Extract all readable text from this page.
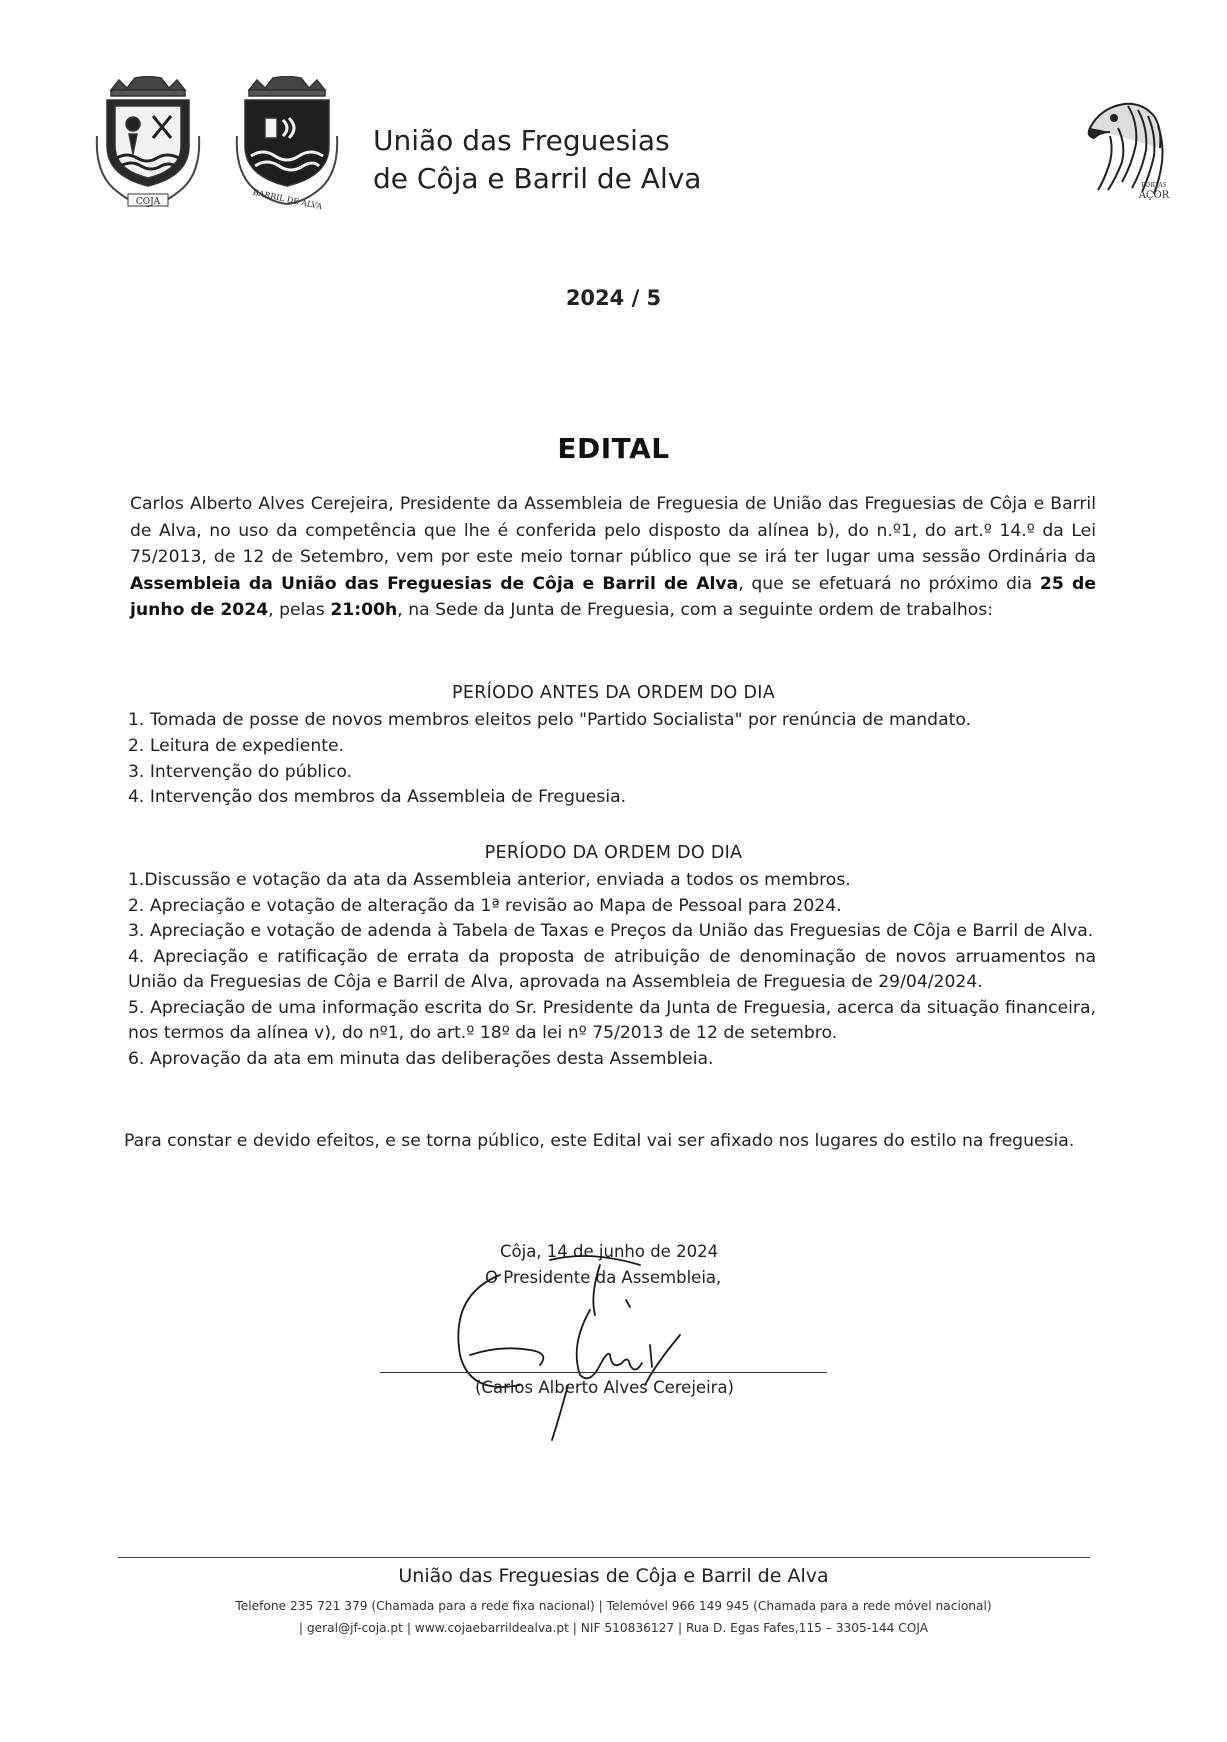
COJA	BARRIL DE ALVA
União das Freguesias
de Côja e Barril de Alva	PORTAS
AÇOR
2024 / 5
EDITAL

Carlos Alberto Alves Cerejeira, Presidente da Assembleia de Freguesia de União das Freguesias de Côja e Barril de Alva, no uso da competência que lhe é conferida pelo disposto da alínea b), do n.º1, do art.º 14.º da Lei 75/2013, de 12 de Setembro, vem por este meio tornar público que se irá ter lugar uma sessão Ordinária da Assembleia da União das Freguesias de Côja e Barril de Alva, que se efetuará no próximo dia 25 de junho de 2024, pelas 21:00h, na Sede da Junta de Freguesia, com a seguinte ordem de trabalhos:

PERÍODO ANTES DA ORDEM DO DIA
1. Tomada de posse de novos membros eleitos pelo "Partido Socialista" por renúncia de mandato.
2. Leitura de expediente.
3. Intervenção do público.
4. Intervenção dos membros da Assembleia de Freguesia.
PERÍODO DA ORDEM DO DIA
1.Discussão e votação da ata da Assembleia anterior, enviada a todos os membros.
2. Apreciação e votação de alteração da 1ª revisão ao Mapa de Pessoal para 2024.
3. Apreciação e votação de adenda à Tabela de Taxas e Preços da União das Freguesias de Côja e Barril de Alva.
4. Apreciação e ratificação de errata da proposta de atribuição de denominação de novos arruamentos na União da Freguesias de Côja e Barril de Alva, aprovada na Assembleia de Freguesia de 29/04/2024.
5. Apreciação de uma informação escrita do Sr. Presidente da Junta de Freguesia, acerca da situação financeira, nos termos da alínea v), do nº1, do art.º 18º da lei nº 75/2013 de 12 de setembro.
6. Aprovação da ata em minuta das deliberações desta Assembleia.

Para constar e devido efeitos, e se torna público, este Edital vai ser afixado nos lugares do estilo na freguesia.

Côja, 14 de junho de 2024
O Presidente da Assembleia,
(Carlos Alberto Alves Cerejeira)
União das Freguesias de Côja e Barril de Alva
Telefone 235 721 379 (Chamada para a rede fixa nacional) | Telemóvel 966 149 945 (Chamada para a rede móvel nacional)
| geral@jf-coja.pt | www.cojaebarrildealva.pt | NIF 510836127 | Rua D. Egas Fafes,115 – 3305-144 COJA
